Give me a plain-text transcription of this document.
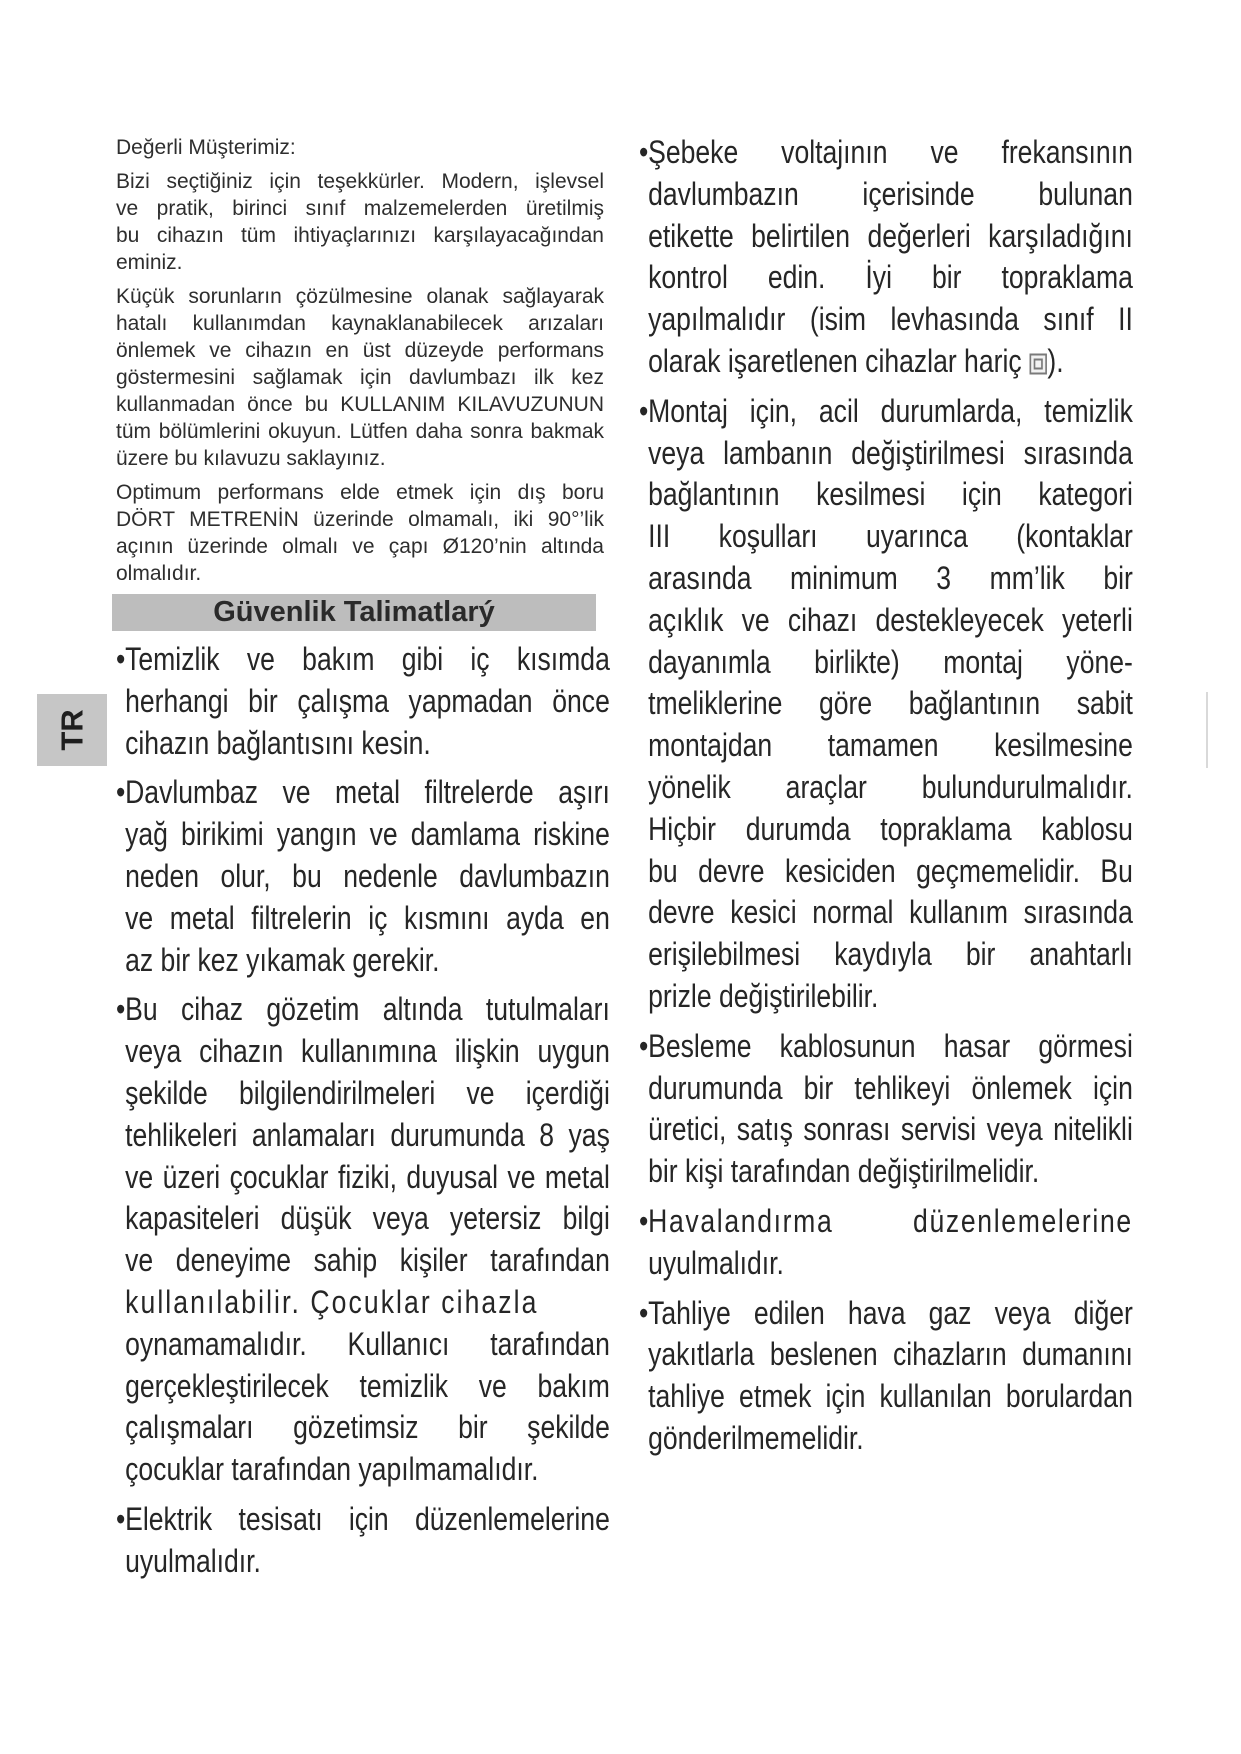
TR
Değerli Müşterimiz:
Bizi seçtiğiniz için teşekkürler. Modern, işlevsel
ve pratik, birinci sınıf malzemelerden üretilmiş
bu cihazın tüm ihtiyaçlarınızı karşılayacağından
eminiz.
Küçük sorunların çözülmesine olanak sağlayarak
hatalı kullanımdan kaynaklanabilecek arızaları
önlemek ve cihazın en üst düzeyde performans
göstermesini sağlamak için davlumbazı ilk kez
kullanmadan önce bu KULLANIM KILAVUZUNUN
tüm bölümlerini okuyun. Lütfen daha sonra bakmak
üzere bu kılavuzu saklayınız.
Optimum performans elde etmek için dış boru
DÖRT METRENİN üzerinde olmamalı, iki 90°’lik
açının üzerinde olmalı ve çapı Ø120’nin altında
olmalıdır.
Güvenlik Talimatlarý
• Temizlik ve bakım gibi iç kısımda
herhangi bir çalışma yapmadan önce
cihazın bağlantısını kesin.
• Davlumbaz ve metal filtrelerde aşırı
yağ birikimi yangın ve damlama riskine
neden olur, bu nedenle davlumbazın
ve metal filtrelerin iç kısmını ayda en
az bir kez yıkamak gerekir.
• Bu cihaz gözetim altında tutulmaları
veya cihazın kullanımına ilişkin uygun
şekilde bilgilendirilmeleri ve içerdiği
tehlikeleri anlamaları durumunda 8 yaş
ve üzeri çocuklar fiziki, duyusal ve metal
kapasiteleri düşük veya yetersiz bilgi
ve deneyime sahip kişiler tarafından
kullanılabilir. Çocuklar cihazla
oynamamalıdır. Kullanıcı tarafından
gerçekleştirilecek temizlik ve bakım
çalışmaları gözetimsiz bir şekilde
çocuklar tarafından yapılmamalıdır.
• Elektrik tesisatı için düzenlemelerine
uyulmalıdır.
• Şebeke voltajının ve frekansının
davlumbazın içerisinde bulunan
etikette belirtilen değerleri karşıladığını
kontrol edin. İyi bir topraklama
yapılmalıdır (isim levhasında sınıf II
olarak işaretlenen cihazlar hariç ).
• Montaj için, acil durumlarda, temizlik
veya lambanın değiştirilmesi sırasında
bağlantının kesilmesi için kategori
III koşulları uyarınca (kontaklar
arasında minimum 3 mm’lik bir
açıklık ve cihazı destekleyecek yeterli
dayanımla birlikte) montaj yöne-
tmeliklerine göre bağlantının sabit
montajdan tamamen kesilmesine
yönelik araçlar bulundurulmalıdır.
Hiçbir durumda topraklama kablosu
bu devre kesiciden geçmemelidir. Bu
devre kesici normal kullanım sırasında
erişilebilmesi kaydıyla bir anahtarlı
prizle değiştirilebilir.
• Besleme kablosunun hasar görmesi
durumunda bir tehlikeyi önlemek için
üretici, satış sonrası servisi veya nitelikli
bir kişi tarafından değiştirilmelidir.
• Havalandırma düzenlemelerine
uyulmalıdır.
• Tahliye edilen hava gaz veya diğer
yakıtlarla beslenen cihazların dumanını
tahliye etmek için kullanılan borulardan
gönderilmemelidir.
